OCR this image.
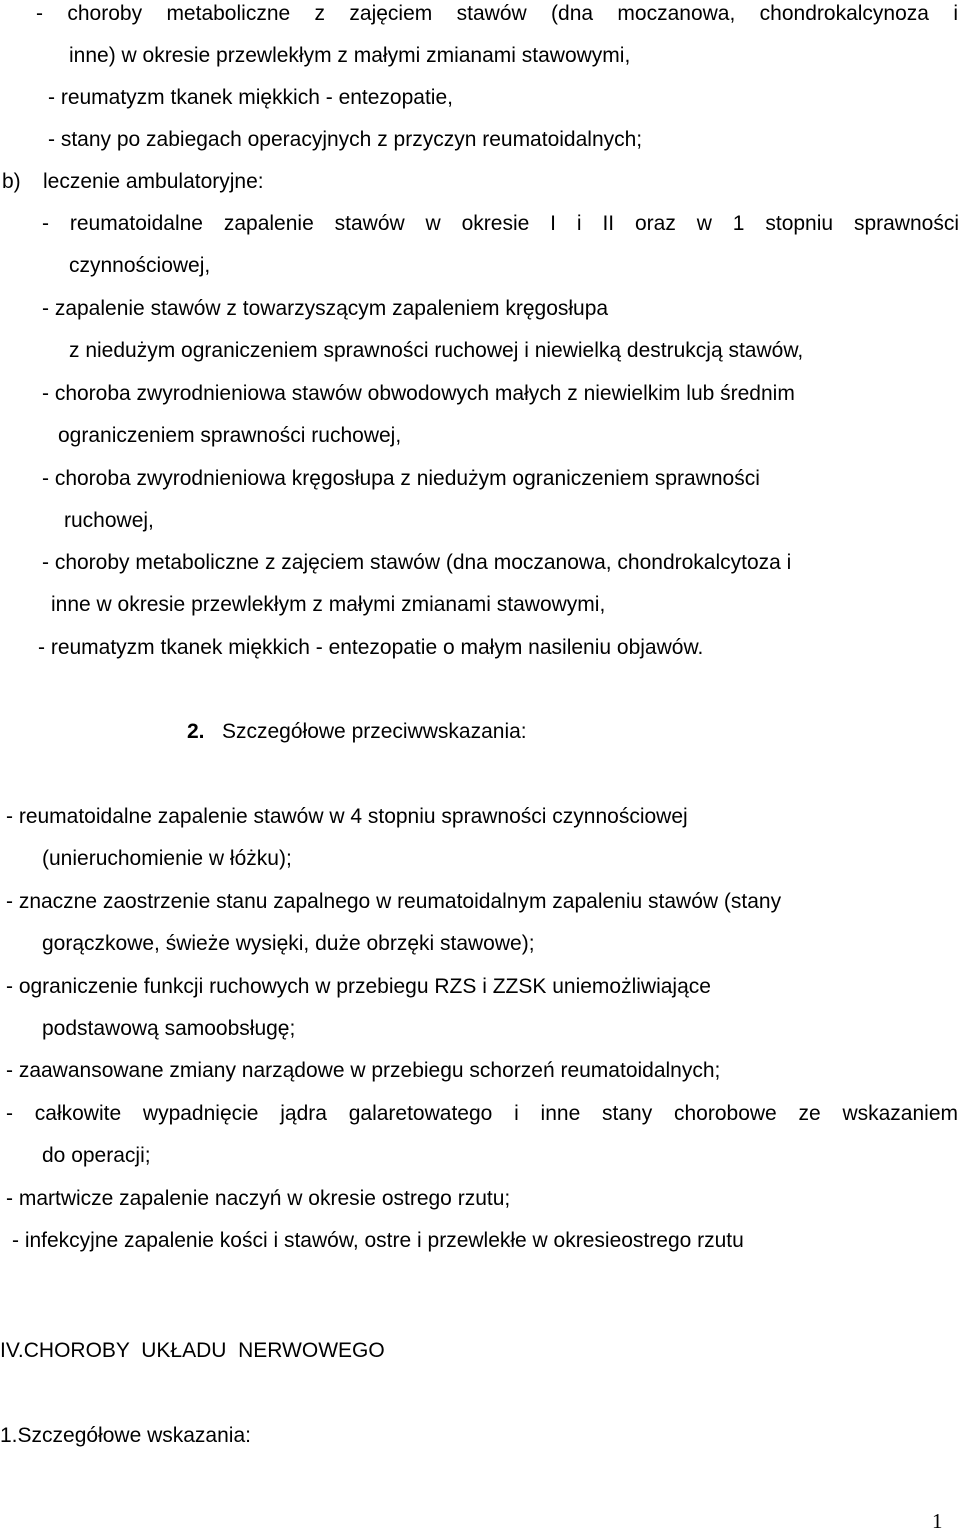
- choroby metaboliczne z zajęciem stawów (dna moczanowa, chondrokalcynoza i
inne) w okresie przewlekłym z małymi zmianami stawowymi,
- reumatyzm tkanek miękkich - entezopatie,
- stany po zabiegach operacyjnych z przyczyn reumatoidalnych;
b) leczenie ambulatoryjne:
- reumatoidalne zapalenie stawów w okresie I i II oraz w 1 stopniu sprawności
czynnościowej,
- zapalenie stawów z towarzyszącym zapaleniem kręgosłupa
z niedużym ograniczeniem sprawności ruchowej i niewielką destrukcją stawów,
- choroba zwyrodnieniowa stawów obwodowych małych z niewielkim lub średnim
ograniczeniem sprawności ruchowej,
- choroba zwyrodnieniowa kręgosłupa z niedużym ograniczeniem sprawności
ruchowej,
- choroby metaboliczne z zajęciem stawów (dna moczanowa, chondrokalcytoza i
inne w okresie przewlekłym z małymi zmianami stawowymi,
- reumatyzm tkanek miękkich - entezopatie o małym nasileniu objawów.
2. Szczegółowe przeciwwskazania:
- reumatoidalne zapalenie stawów w 4 stopniu sprawności czynnościowej
(unieruchomienie w łóżku);
- znaczne zaostrzenie stanu zapalnego w reumatoidalnym zapaleniu stawów (stany
gorączkowe, świeże wysięki, duże obrzęki stawowe);
- ograniczenie funkcji ruchowych w przebiegu RZS i ZZSK uniemożliwiające
podstawową samoobsługę;
- zaawansowane zmiany narządowe w przebiegu schorzeń reumatoidalnych;
- całkowite wypadnięcie jądra galaretowatego i inne stany chorobowe ze wskazaniem
do operacji;
- martwicze zapalenie naczyń w okresie ostrego rzutu;
- infekcyjne zapalenie kości i stawów, ostre i przewlekłe w okresieostrego rzutu
IV.CHOROBY  UKŁADU  NERWOWEGO
1.Szczegółowe wskazania:
1
